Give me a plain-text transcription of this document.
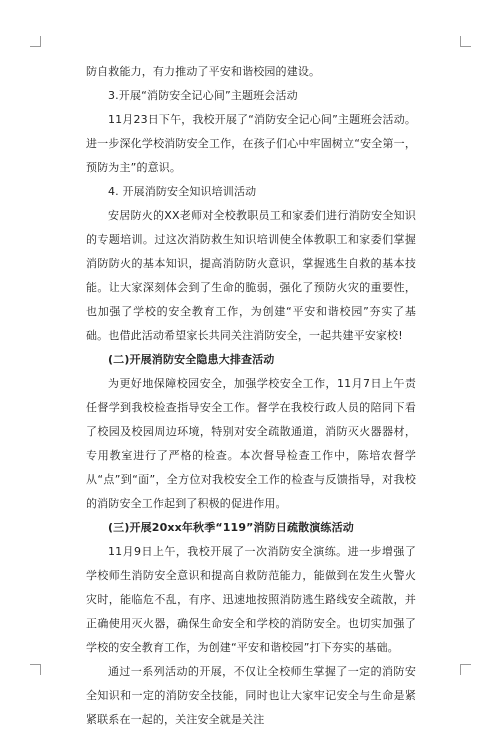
防自救能力，有力推动了平安和谐校园的建设。

3.开展“消防安全记心间”主题班会活动

11月23日下午，我校开展了“消防安全记心间”主题班会活动。进一步深化学校消防安全工作，在孩子们心中牢固树立“安全第一，预防为主”的意识。

4. 开展消防安全知识培训活动

安居防火的XX老师对全校教职员工和家委们进行消防安全知识的专题培训。过这次消防救生知识培训使全体教职工和家委们掌握消防防火的基本知识，提高消防防火意识，掌握逃生自救的基本技能。让大家深刻体会到了生命的脆弱，强化了预防火灾的重要性，也加强了学校的安全教育工作，为创建“平安和谐校园”夯实了基础。也借此活动希望家长共同关注消防安全，一起共建平安家校!

(二)开展消防安全隐患大排查活动

为更好地保障校园安全，加强学校安全工作，11月7日上午责任督学到我校检查指导安全工作。督学在我校行政人员的陪同下看了校园及校园周边环境，特别对安全疏散通道，消防灭火器器材，专用教室进行了严格的检查。本次督导检查工作中，陈培农督学从“点”到“面”，全方位对我校安全工作的检查与反馈指导，对我校的消防安全工作起到了积极的促进作用。

(三)开展20xx年秋季“119”消防日疏散演练活动

11月9日上午，我校开展了一次消防安全演练。进一步增强了学校师生消防安全意识和提高自救防范能力，能做到在发生火警火灾时，能临危不乱，有序、迅速地按照消防逃生路线安全疏散，并正确使用灭火器，确保生命安全和学校的消防安全。也切实加强了学校的安全教育工作，为创建“平安和谐校园”打下夯实的基础。

通过一系列活动的开展，不仅让全校师生掌握了一定的消防安全知识和一定的消防安全技能，同时也让大家牢记安全与生命是紧紧联系在一起的，关注安全就是关注
